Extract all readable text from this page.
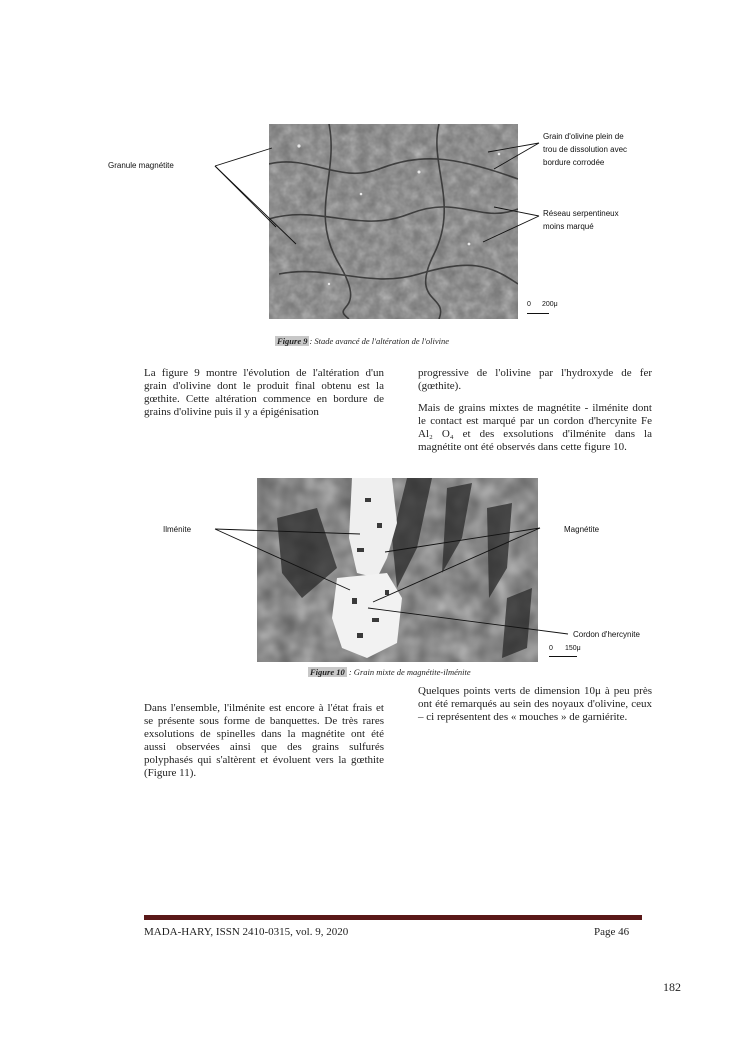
Granule magnétite
Grain d'olivine plein de
trou de dissolution avec
bordure corrodée
Réseau serpentineux
moins marqué
0 200μ
Figure 9 : Stade avancé de l'altération de l'olivine

La figure 9 montre l'évolution de l'altération d'un grain d'olivine dont le produit final obtenu est la gœthite. Cette altération commence en bordure de grains d'olivine puis il y a épigénisation

progressive de l'olivine par l'hydroxyde de fer (gœthite).

Mais de grains mixtes de magnétite - ilménite dont le contact est marqué par un cordon d'hercynite Fe Al₂ O₄ et des exsolutions d'ilménite dans la magnétite ont été observés dans cette figure 10.

Ilménite	Magnétite
Cordon d'hercynite
0 150μ
Figure 10 : Grain mixte de magnétite-ilménite

Dans l'ensemble, l'ilménite est encore à l'état frais et se présente sous forme de banquettes. De très rares exsolutions de spinelles dans la magnétite ont été aussi observées ainsi que des grains sulfurés polyphasés qui s'altèrent et évoluent vers la gœthite (Figure 11).

Quelques points verts de dimension 10μ à peu près ont été remarqués au sein des noyaux d'olivine, ceux – ci représentent des « mouches » de garniérite.

MADA-HARY, ISSN 2410-0315, vol. 9, 2020	Page 46
182
